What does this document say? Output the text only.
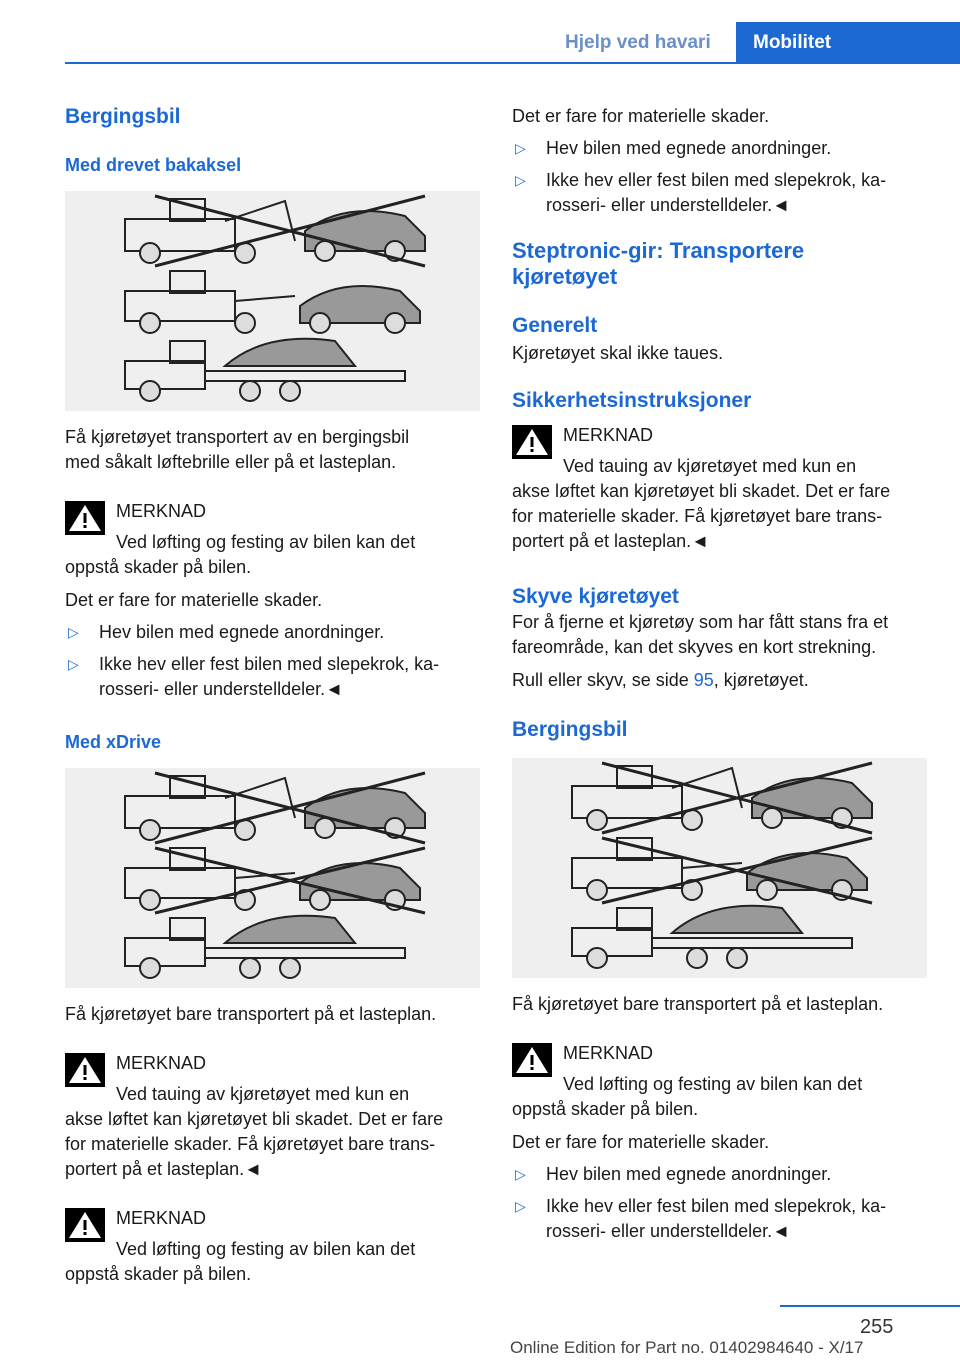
Hjelp ved havari	Mobilitet
Bergingsbil
Med drevet bakaksel

Få kjøretøyet transportert av en bergingsbil

med såkalt løftebrille eller på et lasteplan.

MERKNAD
Ved løfting og festing av bilen kan det
oppstå skader på bilen.

Det er fare for materielle skader.

▷ Hev bilen med egnede anordninger.
▷ Ikke hev eller fest bilen med slepekrok, ka-
rosseri- eller understelldeler.◄
Med xDrive

Få kjøretøyet bare transportert på et lasteplan.

MERKNAD
Ved tauing av kjøretøyet med kun en
akse løftet kan kjøretøyet bli skadet. Det er fare
for materielle skader. Få kjøretøyet bare trans-
portert på et lasteplan.◄
MERKNAD
Ved løfting og festing av bilen kan det
oppstå skader på bilen.

Det er fare for materielle skader.

▷ Hev bilen med egnede anordninger.
▷ Ikke hev eller fest bilen med slepekrok, ka-
rosseri- eller understelldeler.◄
Steptronic-gir: Transportere
kjøretøyet
Generelt

Kjøretøyet skal ikke taues.

Sikkerhetsinstruksjoner
MERKNAD
Ved tauing av kjøretøyet med kun en
akse løftet kan kjøretøyet bli skadet. Det er fare
for materielle skader. Få kjøretøyet bare trans-
portert på et lasteplan.◄
Skyve kjøretøyet

For å fjerne et kjøretøy som har fått stans fra et

fareområde, kan det skyves en kort strekning.

Rull eller skyv, se side 95, kjøretøyet.

Bergingsbil

Få kjøretøyet bare transportert på et lasteplan.

MERKNAD
Ved løfting og festing av bilen kan det
oppstå skader på bilen.

Det er fare for materielle skader.

▷ Hev bilen med egnede anordninger.
▷ Ikke hev eller fest bilen med slepekrok, ka-
rosseri- eller understelldeler.◄
255
Online Edition for Part no. 01402984640 - X/17
